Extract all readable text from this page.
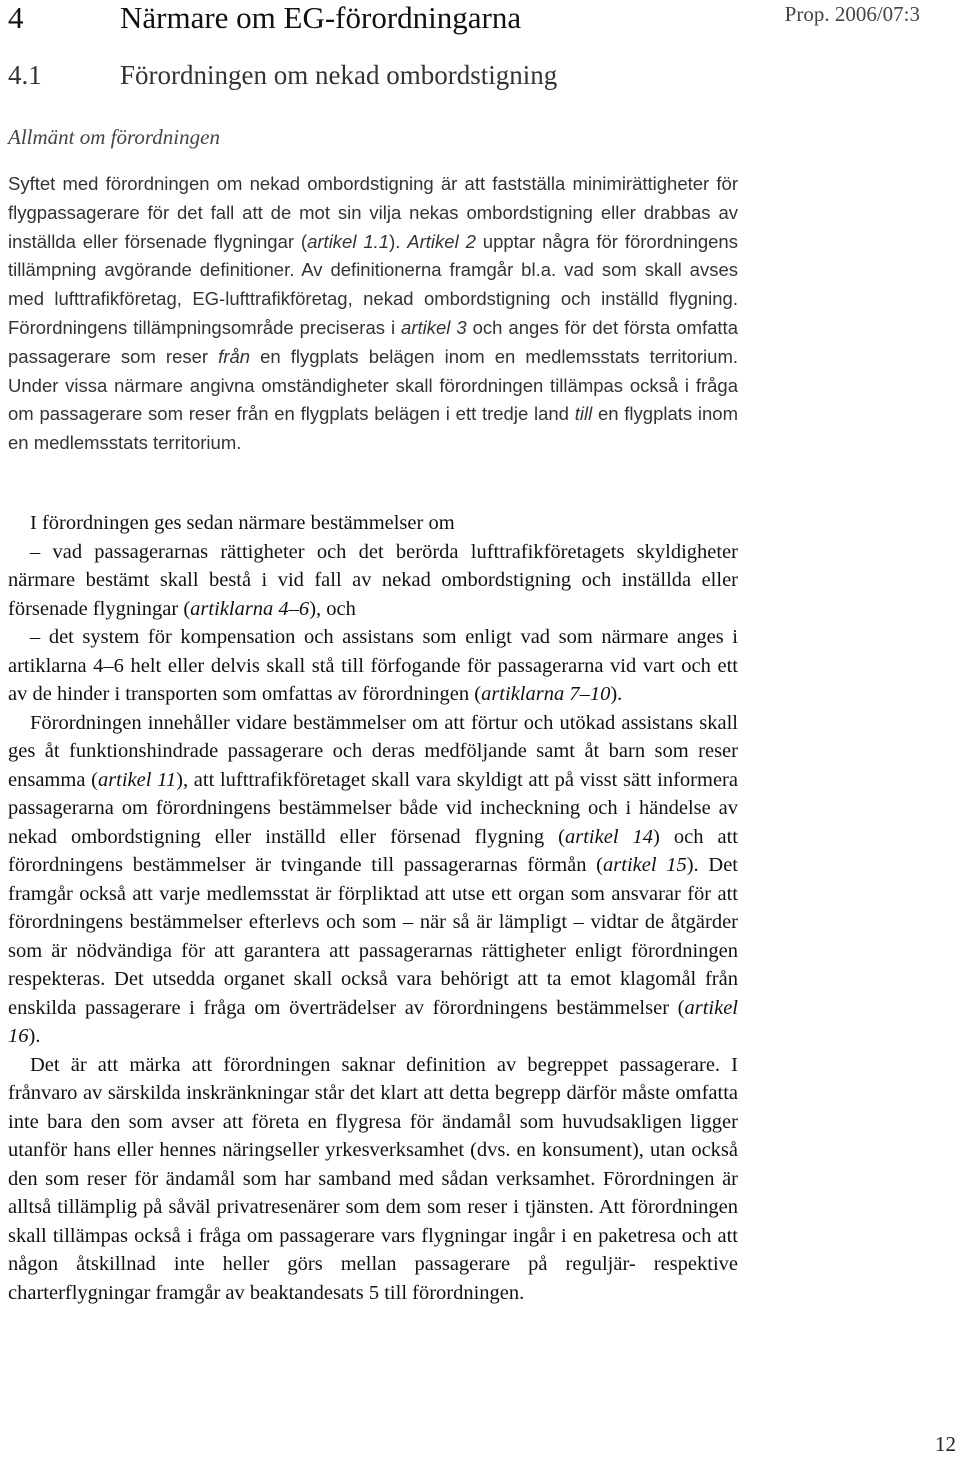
4	Närmare om EG-förordningarna	Prop. 2006/07:3
4.1	Förordningen om nekad ombordstigning
Allmänt om förordningen
Syftet med förordningen om nekad ombordstigning är att fastställa minimirättigheter för flygpassagerare för det fall att de mot sin vilja nekas ombordstigning eller drabbas av inställda eller försenade flygningar (artikel 1.1). Artikel 2 upptar några för förordningens tillämpning avgörande definitioner. Av definitionerna framgår bl.a. vad som skall avses med lufttrafikföretag, EG-lufttrafikföretag, nekad ombordstigning och inställd flygning. Förordningens tillämpningsområde preciseras i artikel 3 och anges för det första omfatta passagerare som reser från en flygplats belägen inom en medlemsstats territorium. Under vissa närmare angivna omständigheter skall förordningen tillämpas också i fråga om passagerare som reser från en flygplats belägen i ett tredje land till en flygplats inom en medlemsstats territorium.

I förordningen ges sedan närmare bestämmelser om

– vad passagerarnas rättigheter och det berörda lufttrafikföretagets skyldigheter närmare bestämt skall bestå i vid fall av nekad ombordstigning och inställda eller försenade flygningar (artiklarna 4–6), och

– det system för kompensation och assistans som enligt vad som närmare anges i artiklarna 4–6 helt eller delvis skall stå till förfogande för passagerarna vid vart och ett av de hinder i transporten som omfattas av förordningen (artiklarna 7–10).

Förordningen innehåller vidare bestämmelser om att förtur och utökad assistans skall ges åt funktionshindrade passagerare och deras medföljande samt åt barn som reser ensamma (artikel 11), att lufttrafikföretaget skall vara skyldigt att på visst sätt informera passagerarna om förordningens bestämmelser både vid incheckning och i händelse av nekad ombordstigning eller inställd eller försenad flygning (artikel 14) och att förordningens bestämmelser är tvingande till passagerarnas förmån (artikel 15). Det framgår också att varje medlemsstat är förpliktad att utse ett organ som ansvarar för att förordningens bestämmelser efterlevs och som – när så är lämpligt – vidtar de åtgärder som är nödvändiga för att garantera att passagerarnas rättigheter enligt förordningen respekteras. Det utsedda organet skall också vara behörigt att ta emot klagomål från enskilda passagerare i fråga om överträdelser av förordningens bestämmelser (artikel 16).

Det är att märka att förordningen saknar definition av begreppet passagerare. I frånvaro av särskilda inskränkningar står det klart att detta begrepp därför måste omfatta inte bara den som avser att företa en flygresa för ändamål som huvudsakligen ligger utanför hans eller hennes näringseller yrkesverksamhet (dvs. en konsument), utan också den som reser för ändamål som har samband med sådan verksamhet. Förordningen är alltså tillämplig på såväl privatresenärer som dem som reser i tjänsten. Att förordningen skall tillämpas också i fråga om passagerare vars flygningar ingår i en paketresa och att någon åtskillnad inte heller görs mellan passagerare på reguljär- respektive charterflygningar framgår av beaktandesats 5 till förordningen.

12
